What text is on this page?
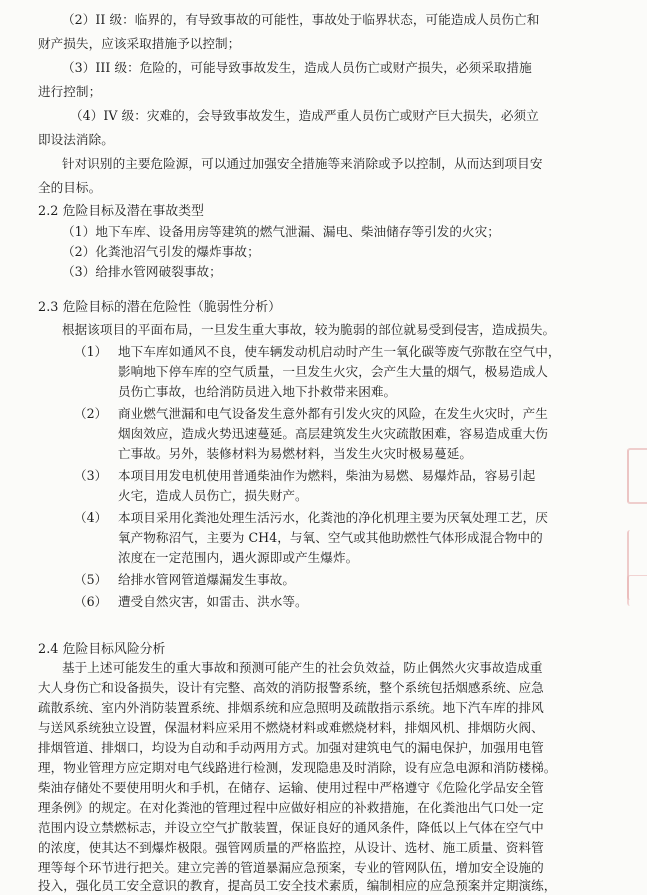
（2）II 级：临界的，有导致事故的可能性，事故处于临界状态，可能造成人员伤亡和
财产损失，应该采取措施予以控制；
（3）III 级：危险的，可能导致事故发生，造成人员伤亡或财产损失，必须采取措施
进行控制；
（4）IV 级：灾难的，会导致事故发生，造成严重人员伤亡或财产巨大损失，必须立
即设法消除。
针对识别的主要危险源，可以通过加强安全措施等来消除或予以控制，从而达到项目安
全的目标。
2.2 危险目标及潜在事故类型
（1）地下车库、设备用房等建筑的燃气泄漏、漏电、柴油储存等引发的火灾；
（2）化粪池沼气引发的爆炸事故；
（3）给排水管网破裂事故；
2.3 危险目标的潜在危险性（脆弱性分析）
根据该项目的平面布局，一旦发生重大事故，较为脆弱的部位就易受到侵害，造成损失。
（1） 地下车库如通风不良，使车辆发动机启动时产生一氧化碳等废气弥散在空气中，
影响地下停车库的空气质量，一旦发生火灾，会产生大量的烟气，极易造成人
员伤亡事故，也给消防员进入地下扑救带来困难。
（2） 商业燃气泄漏和电气设备发生意外都有引发火灾的风险，在发生火灾时，产生
烟囱效应，造成火势迅速蔓延。高层建筑发生火灾疏散困难，容易造成重大伤
亡事故。另外，装修材料为易燃材料，当发生火灾时极易蔓延。
（3） 本项目用发电机使用普通柴油作为燃料，柴油为易燃、易爆炸品，容易引起
火宅，造成人员伤亡，损失财产。
（4） 本项目采用化粪池处理生活污水，化粪池的净化机理主要为厌氧处理工艺，厌
氧产物称沼气，主要为 CH4，与氧、空气或其他助燃性气体形成混合物中的
浓度在一定范围内，遇火源即或产生爆炸。
（5） 给排水管网管道爆漏发生事故。
（6） 遭受自然灾害，如雷击、洪水等。
2.4 危险目标风险分析
基于上述可能发生的重大事故和预测可能产生的社会负效益，防止偶然火灾事故造成重
大人身伤亡和设备损失，设计有完整、高效的消防报警系统，整个系统包括烟感系统、应急
疏散系统、室内外消防装置系统、排烟系统和应急照明及疏散指示系统。地下汽车库的排风
与送风系统独立设置，保温材料应采用不燃烧材料或难燃烧材料，排烟风机、排烟防火阀、
排烟管道、排烟口，均设为自动和手动两用方式。加强对建筑电气的漏电保护，加强用电管
理，物业管理方应定期对电气线路进行检测，发现隐患及时消除，设有应急电源和消防楼梯。
柴油存储处不要使用明火和手机，在储存、运输、使用过程中严格遵守《危险化学品安全管
理条例》的规定。在对化粪池的管理过程中应做好相应的补救措施，在化粪池出气口处一定
范围内设立禁燃标志，并设立空气扩散装置，保证良好的通风条件，降低以上气体在空气中
的浓度，使其达不到爆炸极限。强管网质量的严格监控，从设计、选材、施工质量、资料管
理等每个环节进行把关。建立完善的管道暴漏应急预案，专业的管网队伍，增加安全设施的
投入，强化员工安全意识的教育，提高员工安全技术素质，编制相应的应急预案并定期演练，
